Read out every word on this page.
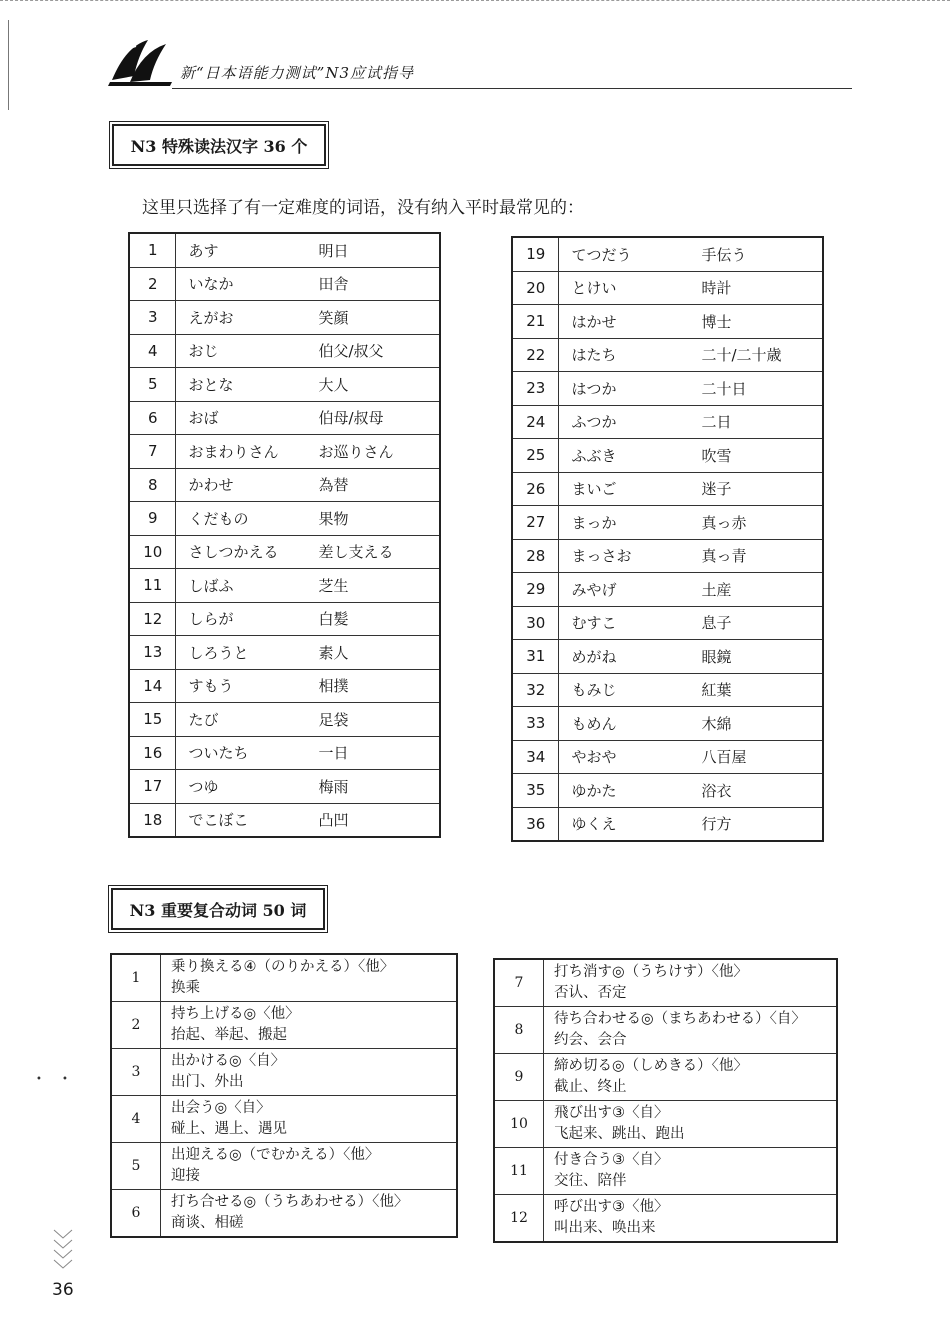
新“日本语能力测试”N3应试指导
N3 特殊读法汉字 36 个
这里只选择了有一定难度的词语，没有纳入平时最常见的：
1	あす 明日
2	いなか 田舎
3	えがお 笑顔
4	おじ 伯父/叔父
5	おとな 大人
6	おば 伯母/叔母
7	おまわりさん お巡りさん
8	かわせ 為替
9	くだもの 果物
10	さしつかえる 差し支える
11	しばふ 芝生
12	しらが 白髪
13	しろうと 素人
14	すもう 相撲
15	たび 足袋
16	ついたち 一日
17	つゆ 梅雨
18	でこぼこ 凸凹
19	てつだう 手伝う
20	とけい 時計
21	はかせ 博士
22	はたち 二十/二十歳
23	はつか 二十日
24	ふつか 二日
25	ふぶき 吹雪
26	まいご 迷子
27	まっか 真っ赤
28	まっさお 真っ青
29	みやげ 土産
30	むすこ 息子
31	めがね 眼鏡
32	もみじ 紅葉
33	もめん 木綿
34	やおや 八百屋
35	ゆかた 浴衣
36	ゆくえ 行方
N3 重要复合动词 50 词
1	乗り換える④（のりかえる）〈他〉
换乘

2	持ち上げる◎〈他〉
抬起、举起、搬起

3	出かける◎〈自〉
出门、外出

4	出会う◎〈自〉
碰上、遇上、遇见

5	出迎える◎（でむかえる）〈他〉
迎接

6	打ち合せる◎（うちあわせる）〈他〉
商谈、相磋
7	打ち消す◎（うちけす）〈他〉
否认、否定

8	待ち合わせる◎（まちあわせる）〈自〉
约会、会合

9	締め切る◎（しめきる）〈他〉
截止、终止

10	飛び出す③〈自〉
飞起来、跳出、跑出

11	付き合う③〈自〉
交往、陪伴

12	呼び出す③〈他〉
叫出来、唤出来
36
• •
